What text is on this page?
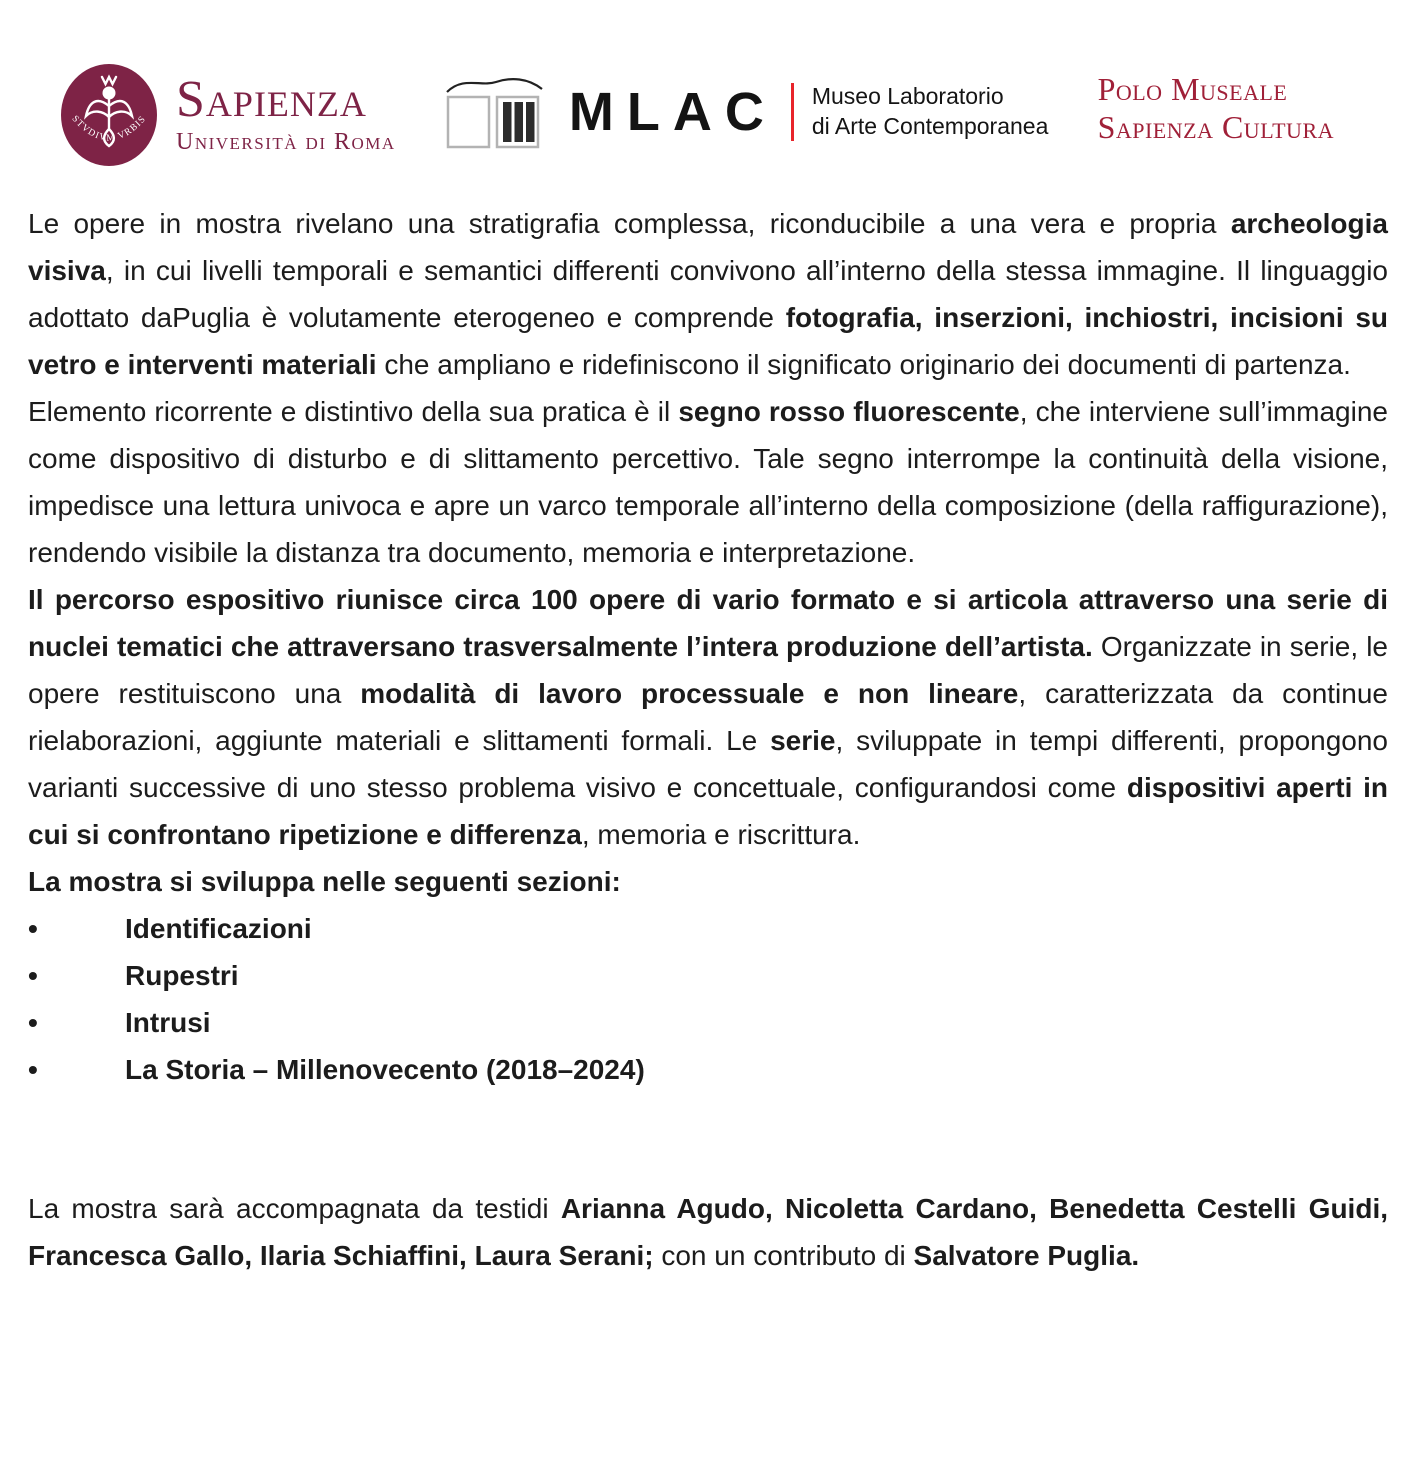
STVDIVM VRBIS Sapienza
Università di Roma	MLAC Museo Laboratorio
di Arte Contemporanea
Polo Museale
Sapienza Cultura

Le opere in mostra rivelano una stratigrafia complessa, riconducibile a una vera e propria archeologia visiva, in cui livelli temporali e semantici differenti convivono all’interno della stessa immagine. Il linguaggio adottato daPuglia è volutamente eterogeneo e comprende fotografia, inserzioni, inchiostri, incisioni su vetro e interventi materiali che ampliano e ridefiniscono il significato originario dei documenti di partenza.

Elemento ricorrente e distintivo della sua pratica è il segno rosso fluorescente, che interviene sull’immagine come dispositivo di disturbo e di slittamento percettivo. Tale segno interrompe la continuità della visione, impedisce una lettura univoca e apre un varco temporale all’interno della composizione (della raffigurazione), rendendo visibile la distanza tra documento, memoria e interpretazione.

Il percorso espositivo riunisce circa 100 opere di vario formato e si articola attraverso una serie di nuclei tematici che attraversano trasversalmente l’intera produzione dell’artista. Organizzate in serie, le opere restituiscono una modalità di lavoro processuale e non lineare, caratterizzata da continue rielaborazioni, aggiunte materiali e slittamenti formali. Le serie, sviluppate in tempi differenti, propongono varianti successive di uno stesso problema visivo e concettuale, configurandosi come dispositivi aperti in cui si confrontano ripetizione e differenza, memoria e riscrittura.

La mostra si sviluppa nelle seguenti sezioni:

•	Identificazioni
•	Rupestri
•	Intrusi
•	La Storia – Millenovecento (2018–2024)

La mostra sarà accompagnata da testidi Arianna Agudo, Nicoletta Cardano, Benedetta Cestelli Guidi, Francesca Gallo, Ilaria Schiaffini, Laura Serani; con un contributo di Salvatore Puglia.
